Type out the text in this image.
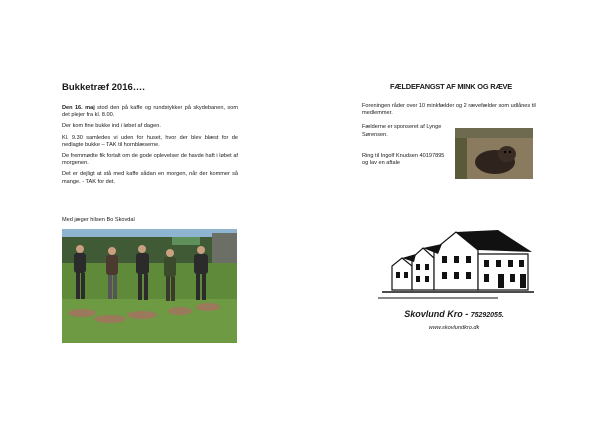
Bukketræf 2016….

Den 16. maj stod den på kaffe og rundstykker på skydebanen, som det plejer fra kl. 8.00.

Der kom fine bukke ind i løbet af dagen.

Kl. 9.30 samledes vi uden for huset, hvor der blev blæst for de nedlagte bukke – TAK til hornblæserne.

De fremmødte fik fortalt om de gode oplevelser de havde haft i løbet af morgenen.

Det er dejligt at stå med kaffe sådan en morgen, når der kommer så mange. - TAK for det.

Med jæger hilsen Bo Skovdal
FÆLDEFANGST AF MINK OG RÆVE

Foreningen råder over 10 minkfælder og 2 rævefælder som udlånes til medlemmer.

Fælderne er sponseret af Lynge Sørensen.

Ring til Ingolf Knudsen 40197895 og lav en aftale

Skovlund Kro - 75292055.
www.skovlundkro.dk
